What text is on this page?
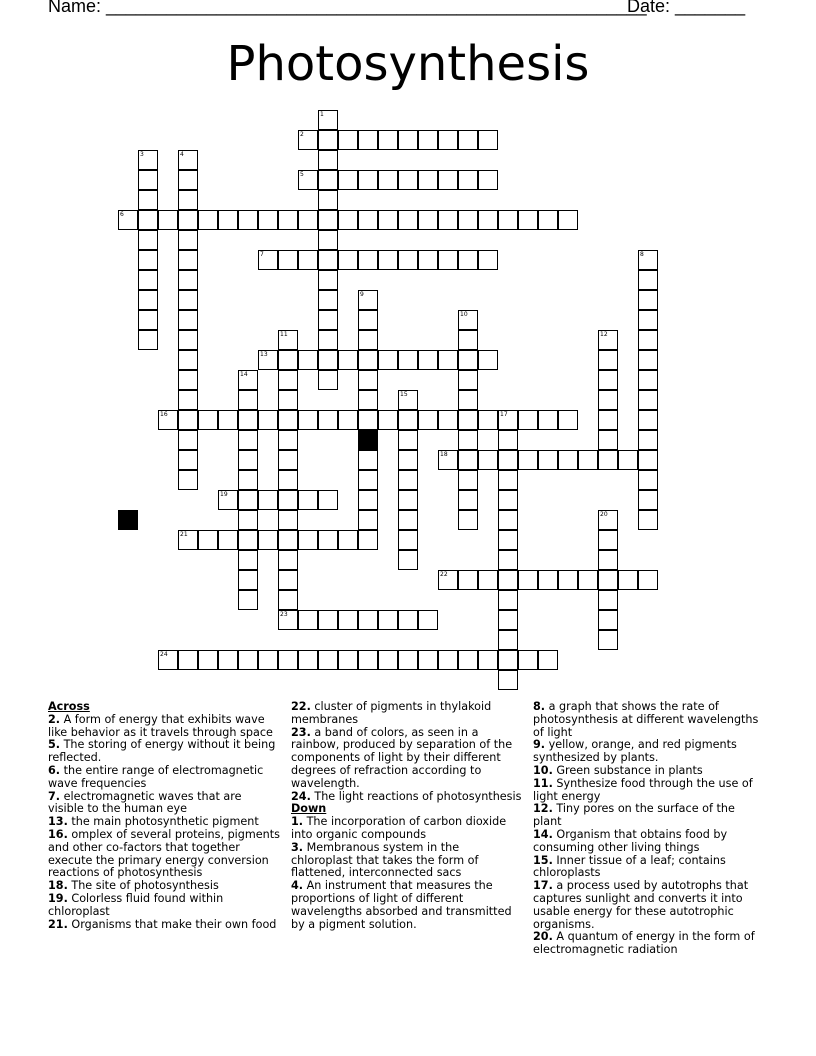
Name: ______________________________________________________
Date: _______
Photosynthesis
1
2
3	4
5
6
7	8
9
10
11	12
13
14
15
16	17
18
19
20
21
22
23
24
Across
2. A form of energy that exhibits wave like behavior as it travels through space
5. The storing of energy without it being reflected.
6. the entire range of electromagnetic wave frequencies
7. electromagnetic waves that are visible to the human eye
13. the main photosynthetic pigment
16. omplex of several proteins, pigments and other co-factors that together execute the primary energy conversion reactions of photosynthesis
18. The site of photosynthesis
19. Colorless fluid found within chloroplast
21. Organisms that make their own food
22. cluster of pigments in thylakoid membranes
23. a band of colors, as seen in a rainbow, produced by separation of the components of light by their different degrees of refraction according to wavelength.
24. The light reactions of photosynthesis
Down
1. The incorporation of carbon dioxide into organic compounds
3. Membranous system in the chloroplast that takes the form of flattened, interconnected sacs
4. An instrument that measures the proportions of light of different wavelengths absorbed and transmitted by a pigment solution.
8. a graph that shows the rate of photosynthesis at different wavelengths of light
9. yellow, orange, and red pigments synthesized by plants.
10. Green substance in plants
11. Synthesize food through the use of light energy
12. Tiny pores on the surface of the plant
14. Organism that obtains food by consuming other living things
15. Inner tissue of a leaf; contains chloroplasts
17. a process used by autotrophs that captures sunlight and converts it into usable energy for these autotrophic organisms.
20. A quantum of energy in the form of electromagnetic radiation
